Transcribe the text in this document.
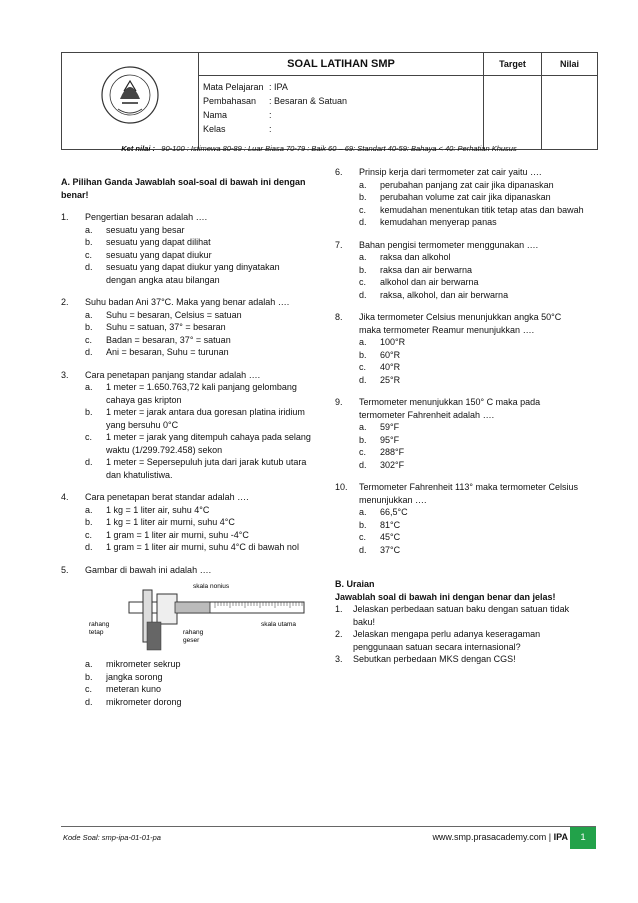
SOAL LATIHAN SMP	Target	Nilai
Mata Pelajaran : IPA
Pembahasan : Besaran & Satuan
Nama	:
Kelas	:
Ket nilai : 90-100 : Istimewa 80-89 : Luar Biasa 70-79 : Baik 60 – 69: Standart 40-59: Bahaya < 40: Perhatian Khusus
A. Pilihan Ganda Jawablah soal-soal di bawah ini dengan benar!
1. Pengertian besaran adalah ….
a. sesuatu yang besar
b. sesuatu yang dapat dilihat
c. sesuatu yang dapat diukur
d. sesuatu yang dapat diukur yang dinyatakan dengan angka atau bilangan
2. Suhu badan Ani 37°C. Maka yang benar adalah ….
a. Suhu = besaran, Celsius = satuan
b. Suhu = satuan, 37° = besaran
c. Badan = besaran, 37° = satuan
d. Ani = besaran, Suhu = turunan
3. Cara penetapan panjang standar adalah ….
a. 1 meter = 1.650.763,72 kali panjang gelombang cahaya gas kripton
b. 1 meter = jarak antara dua goresan platina iridium yang bersuhu 0°C
c. 1 meter = jarak yang ditempuh cahaya pada selang waktu (1/299.792.458) sekon
d. 1 meter = Sepersepuluh juta dari jarak kutub utara dan khatulistiwa.
4. Cara penetapan berat standar adalah ….
a. 1 kg = 1 liter air, suhu 4°C
b. 1 kg = 1 liter air murni, suhu 4°C
c. 1 gram = 1 liter air murni, suhu -4°C
d. 1 gram = 1 liter air murni, suhu 4°C di bawah nol
5. Gambar di bawah ini adalah ….
skala nonius
skala utama
rahang
tetap	rahang
geser
a. mikrometer sekrup
b. jangka sorong
c. meteran kuno
d. mikrometer dorong
6. Prinsip kerja dari termometer zat cair yaitu ….
a. perubahan panjang zat cair jika dipanaskan
b. perubahan volume zat cair jika dipanaskan
c. kemudahan menentukan titik tetap atas dan bawah
d. kemudahan menyerap panas
7. Bahan pengisi termometer menggunakan ….
a. raksa dan alkohol
b. raksa dan air berwarna
c. alkohol dan air berwarna
d. raksa, alkohol, dan air berwarna
8. Jika termometer Celsius menunjukkan angka 50°C maka termometer Reamur menunjukkan ….
a. 100°R
b. 60°R
c. 40°R
d. 25°R
9. Termometer menunjukkan 150° C maka pada termometer Fahrenheit adalah ….
a. 59°F
b. 95°F
c. 288°F
d. 302°F
10. Termometer Fahrenheit 113° maka termometer Celsius menunjukkan ….
a. 66,5°C
b. 81°C
c. 45°C
d. 37°C
B. Uraian
Jawablah soal di bawah ini dengan benar dan jelas!
1. Jelaskan perbedaan satuan baku dengan satuan tidak baku!
2. Jelaskan mengapa perlu adanya keseragaman penggunaan satuan secara internasional?
3. Sebutkan perbedaan MKS dengan CGS!
Kode Soal: smp-ipa-01-01-pa	www.smp.prasacademy.com | IPA	1
